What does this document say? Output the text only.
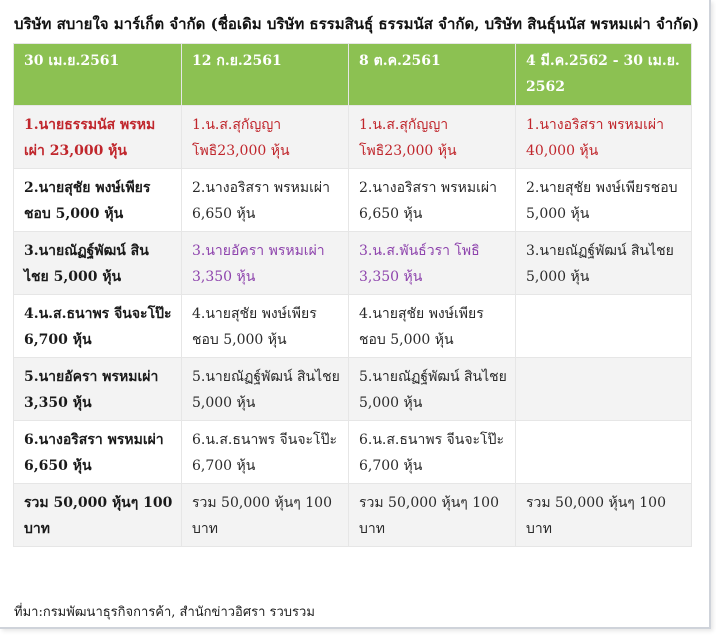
บริษัท สบายใจ มาร์เก็ต จำกัด (ชื่อเดิม บริษัท ธรรมสินธุ์ ธรรมนัส จำกัด, บริษัท สินธุ์นนัส พรหมเผ่า จำกัด)
30 เม.ย.2561	12 ก.ย.2561	8 ต.ค.2561	4 มี.ค.2562 - 30 เม.ย. 2562
1.นายธรรมนัส พรหมเผ่า 23,000 หุ้น	1.น.ส.สุกัญญา โพธิ23,000 หุ้น	1.น.ส.สุกัญญา โพธิ23,000 หุ้น	1.นางอริสรา พรหมเผ่า 40,000 หุ้น
2.นายสุชัย พงษ์เพียรชอบ 5,000 หุ้น	2.นางอริสรา พรหมเผ่า 6,650 หุ้น	2.นางอริสรา พรหมเผ่า 6,650 หุ้น	2.นายสุชัย พงษ์เพียรชอบ 5,000 หุ้น
3.นายณัฏฐ์พัฒน์ สินไชย 5,000 หุ้น	3.นายอัครา พรหมเผ่า 3,350 หุ้น	3.น.ส.พันธ์วรา โพธิ 3,350 หุ้น	3.นายณัฏฐ์พัฒน์ สินไชย 5,000 หุ้น
4.น.ส.ธนาพร จีนจะโป๊ะ 6,700 หุ้น	4.นายสุชัย พงษ์เพียรชอบ 5,000 หุ้น	4.นายสุชัย พงษ์เพียรชอบ 5,000 หุ้น	
5.นายอัครา พรหมเผ่า 3,350 หุ้น	5.นายณัฏฐ์พัฒน์ สินไชย 5,000 หุ้น	5.นายณัฏฐ์พัฒน์ สินไชย 5,000 หุ้น	
6.นางอริสรา พรหมเผ่า 6,650 หุ้น	6.น.ส.ธนาพร จีนจะโป๊ะ 6,700 หุ้น	6.น.ส.ธนาพร จีนจะโป๊ะ 6,700 หุ้น	
รวม 50,000 หุ้นๆ 100 บาท	รวม 50,000 หุ้นๆ 100 บาท	รวม 50,000 หุ้นๆ 100 บาท	รวม 50,000 หุ้นๆ 100 บาท
ที่มา:กรมพัฒนาธุรกิจการค้า, สำนักข่าวอิศรา รวบรวม
